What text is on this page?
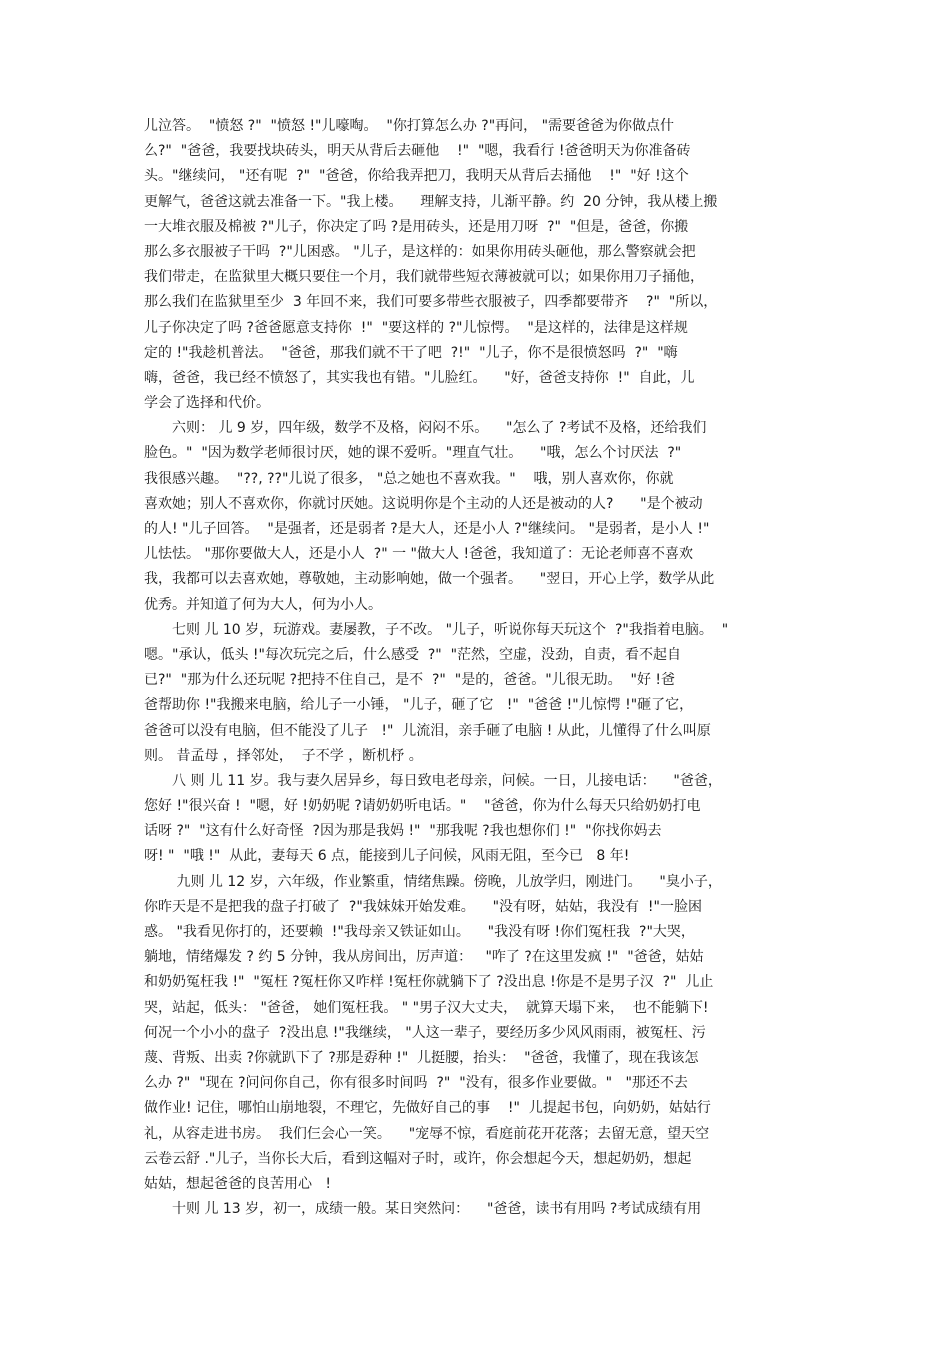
儿泣答。  "愤怒 ?"  "愤怒 !"儿嚎啕。  "你打算怎么办 ?"再问， "需要爸爸为你做点什
么?"  "爸爸，我要找块砖头，明天从背后去砸他    !"  "嗯，我看行 !爸爸明天为你准备砖
头。"继续问， "还有呢  ?"  "爸爸，你给我弄把刀，我明天从背后去捅他    !"  "好 !这个
更解气，爸爸这就去准备一下。"我上楼。    理解支持，儿渐平静。约  20 分钟，我从楼上搬
一大堆衣服及棉被 ?"儿子，你决定了吗 ?是用砖头，还是用刀呀  ?"  "但是，爸爸，你搬
那么多衣服被子干吗  ?"儿困惑。 "儿子，是这样的：如果你用砖头砸他，那么警察就会把
我们带走，在监狱里大概只要住一个月，我们就带些短衣薄被就可以；如果你用刀子捅他，
那么我们在监狱里至少  3 年回不来，我们可要多带些衣服被子，四季都要带齐    ?"  "所以，
儿子你决定了吗 ?爸爸愿意支持你  !"  "要这样的 ?"儿惊愕。  "是这样的，法律是这样规
定的 !"我趁机普法。  "爸爸，那我们就不干了吧  ?!"  "儿子，你不是很愤怒吗  ?"  "嗨
嗨，爸爸，我已经不愤怒了，其实我也有错。"儿脸红。    "好，爸爸支持你  !"  自此，儿
学会了选择和代价。
六则： 儿 9 岁，四年级，数学不及格，闷闷不乐。    "怎么了 ?考试不及格，还给我们
脸色。"  "因为数学老师很讨厌，她的课不爱听。"理直气壮。    "哦，怎么个讨厌法  ?"
我很感兴趣。  "??, ??"儿说了很多， "总之她也不喜欢我。"    哦，别人喜欢你，你就
喜欢她；别人不喜欢你，你就讨厌她。这说明你是个主动的人还是被动的人?      "是个被动
的人! "儿子回答。  "是强者，还是弱者 ?是大人，还是小人 ?"继续问。 "是弱者，是小人 !"
儿怯怯。 "那你要做大人，还是小人  ?" 一 "做大人 !爸爸，我知道了：无论老师喜不喜欢
我，我都可以去喜欢她，尊敬她，主动影响她，做一个强者。    "翌日，开心上学，数学从此
优秀。并知道了何为大人，何为小人。
七则 儿 10 岁，玩游戏。妻屡教，子不改。 "儿子，听说你每天玩这个  ?"我指着电脑。  "
嗯。"承认，低头 !"每次玩完之后，什么感受  ?"  "茫然，空虚，没劲，自责，看不起自
已?"  "那为什么还玩呢 ?把持不住自己，是不  ?"  "是的，爸爸。"儿很无助。  "好 !爸
爸帮助你 !"我搬来电脑，给儿子一小锤， "儿子，砸了它   !"  "爸爸 !"儿惊愕 !"砸了它，
爸爸可以没有电脑，但不能没了儿子   !"  儿流泪，亲手砸了电脑 ! 从此，儿懂得了什么叫原
则。 昔孟母 ，择邻处，  子不学 ，断机杼 。
八 则 儿 11 岁。我与妻久居异乡，每日致电老母亲，问候。一日，儿接电话：    "爸爸，
您好 !"很兴奋 !  "嗯，好 !奶奶呢 ?请奶奶听电话。"    "爸爸，你为什么每天只给奶奶打电
话呀 ?"  "这有什么好奇怪  ?因为那是我妈 !"  "那我呢 ?我也想你们 !"  "你找你妈去
呀! "  "哦 !"  从此，妻每天 6 点，能接到儿子问候，风雨无阻，至今已   8 年!
九则 儿 12 岁，六年级，作业繁重，情绪焦躁。傍晚，儿放学归，刚进门。    "臭小子，
你昨天是不是把我的盘子打破了  ?"我妹妹开始发难。    "没有呀，姑姑，我没有  !"一脸困
惑。 "我看见你打的，还要赖  !"我母亲又铁证如山。    "我没有呀 !你们冤枉我  ?"大哭，
躺地，情绪爆发 ? 约 5 分钟，我从房间出，厉声道：   "咋了 ?在这里发疯 !"  "爸爸，姑姑
和奶奶冤枉我 !"  "冤枉 ?冤枉你又咋样 !冤枉你就躺下了 ?没出息 !你是不是男子汉  ?"  儿止
哭，站起，低头： "爸爸， 她们冤枉我。 " "男子汉大丈夫，  就算天塌下来，  也不能躺下!
何况一个小小的盘子  ?没出息 !"我继续， "人这一辈子，要经历多少风风雨雨，被冤枉、污
蔑、背叛、出卖 ?你就趴下了 ?那是孬种 !"  儿挺腰，抬头：  "爸爸，我懂了，现在我该怎
么办 ?"  "现在 ?问问你自己，你有很多时间吗  ?"  "没有，很多作业要做。"   "那还不去
做作业! 记住，哪怕山崩地裂，不理它，先做好自己的事    !"  儿提起书包，向奶奶，姑姑行
礼，从容走进书房。  我们仨会心一笑。    "宠辱不惊，看庭前花开花落；去留无意，望天空
云卷云舒 ."儿子，当你长大后，看到这幅对子时，或许，你会想起今天，想起奶奶，想起
姑姑，想起爸爸的良苦用心   !
十则 儿 13 岁，初一，成绩一般。某日突然问：    "爸爸，读书有用吗 ?考试成绩有用
